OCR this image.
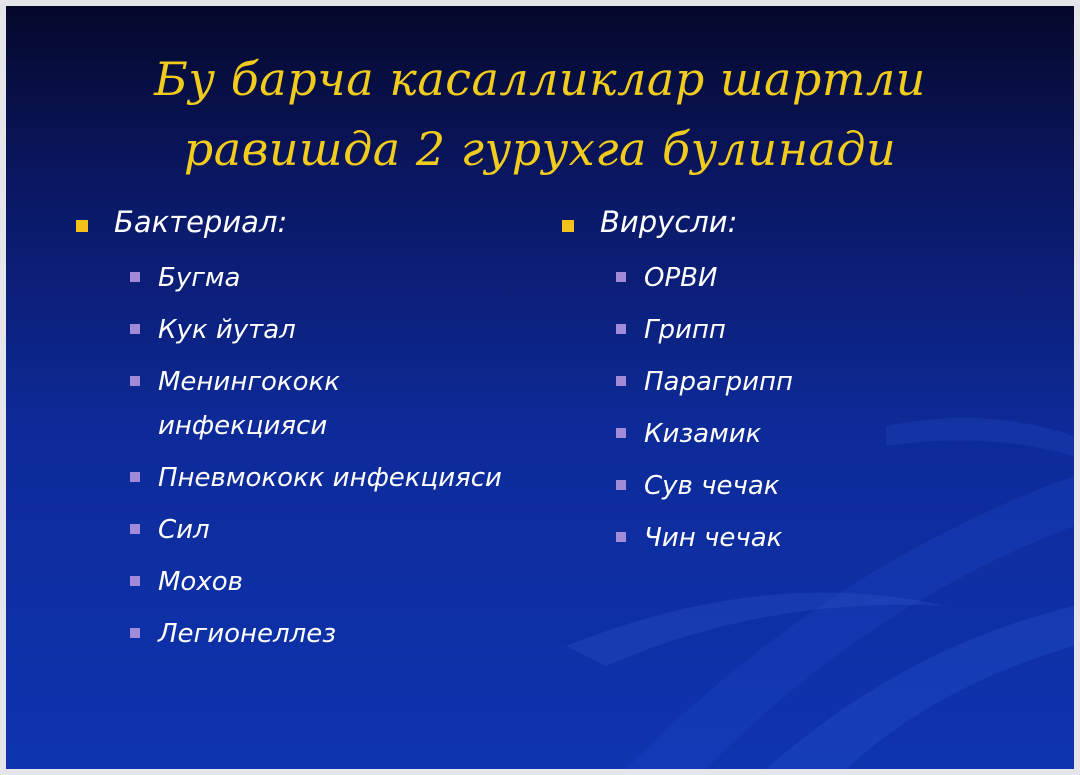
Бу барча касалликлар шартли
равишда 2 гурухга булинади
Бактериал:
Бугма
Кук йутал
Менингококк инфекцияси
Пневмококк инфекцияси
Сил
Мохов
Легионеллез
Вирусли:
ОРВИ
Грипп
Парагрипп
Кизамик
Сув чечак
Чин чечак
